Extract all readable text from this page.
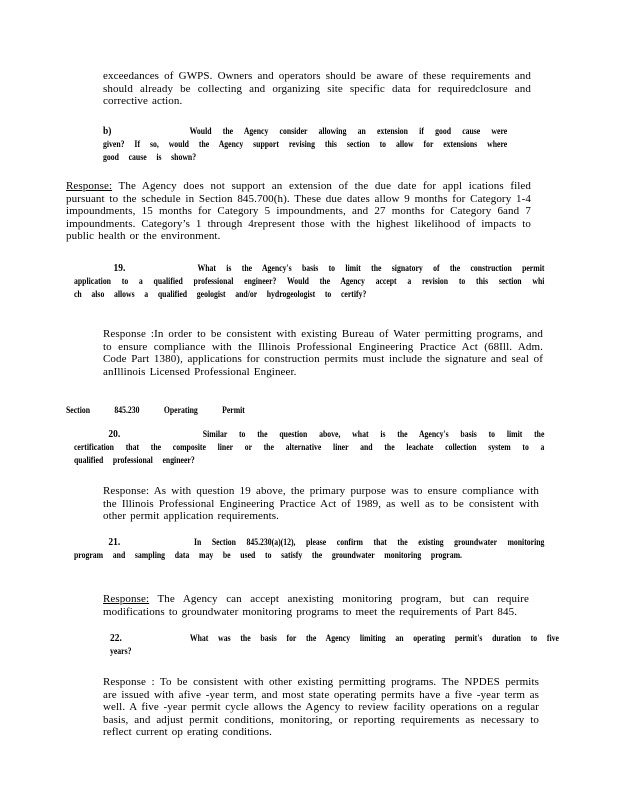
exceedances of GWPS. Owners and operators should be aware of these requirements and should already be collecting and organizing site specific data for requiredclosure and corrective action.

b)	Would the Agency consider allowing an extension if good cause were given? If so, would the Agency support revising this section to allow for extensions where good cause is shown?
Response: The Agency does not support an extension of the due date for appl ications filed pursuant to the schedule in Section 845.700(h). These due dates allow 9 months for Category 1-4 impoundments, 15 months for Category 5 impoundments, and 27 months for Category 6and 7 impoundments. Category’s 1 through 4represent those with the highest likelihood of impacts to public health or the environment.
19.	What is the Agency's basis to limit the signatory of the construction permit application to a qualified professional engineer? Would the Agency accept a revision to this section whi ch also allows a qualified geologist and/or hydrogeologist to certify?

Response :In order to be consistent with existing Bureau of Water permitting programs, and to ensure compliance with the Illinois Professional Engineering Practice Act (68Ill. Adm. Code Part 1380), applications for construction permits must include the signature and seal of anIllinois Licensed Professional Engineer.

Section	845.230	Operating	Permit
20.	Similar to the question above, what is the Agency's basis to limit the certification that the composite liner or the alternative liner and the leachate collection system to a qualified professional engineer?

Response: As with question 19 above, the primary purpose was to ensure compliance with the Illinois Professional Engineering Practice Act of 1989, as well as to be consistent with other permit application requirements.

21.	In Section 845.230(a)(12), please confirm that the existing groundwater monitoring program and sampling data may be used to satisfy the groundwater monitoring program.
Response: The Agency can accept anexisting monitoring program, but can require modifications to groundwater monitoring programs to meet the requirements of Part 845.
22.	What was the basis for the Agency limiting an operating permit's duration to five years?

Response : To be consistent with other existing permitting programs. The NPDES permits are issued with afive -year term, and most state operating permits have a five -year term as well. A five -year permit cycle allows the Agency to review facility operations on a regular basis, and adjust permit conditions, monitoring, or reporting requirements as necessary to reflect current op erating conditions.
